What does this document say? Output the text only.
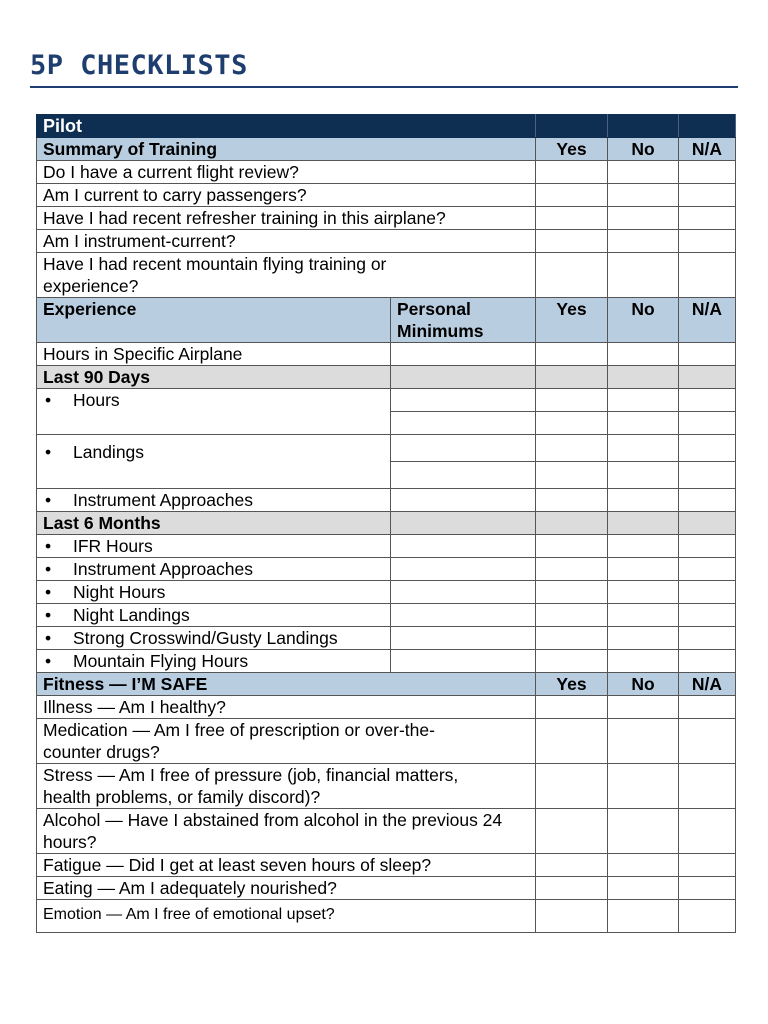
5P CHECKLISTS
Pilot				
Summary of Training		Yes	No	N/A
Do I have a current flight review?				
Am I current to carry passengers?				
Have I had recent refresher training in this airplane?				
Am I instrument-current?				
Have I had recent mountain flying training or experience?				
Experience	Personal Minimums	Yes	No	N/A
Hours in Specific Airplane				
Last 90 Days				
• Hours				

• Landings				

• Instrument Approaches				
Last 6 Months				
• IFR Hours				
• Instrument Approaches				
• Night Hours				
• Night Landings				
• Strong Crosswind/Gusty Landings				
• Mountain Flying Hours				
Fitness — I’M SAFE		Yes	No	N/A
Illness — Am I healthy?				
Medication — Am I free of prescription or over-the-counter drugs?				
Stress — Am I free of pressure (job, financial matters, health problems, or family discord)?				
Alcohol — Have I abstained from alcohol in the previous 24 hours?				
Fatigue — Did I get at least seven hours of sleep?				
Eating — Am I adequately nourished?				
Emotion — Am I free of emotional upset?				
